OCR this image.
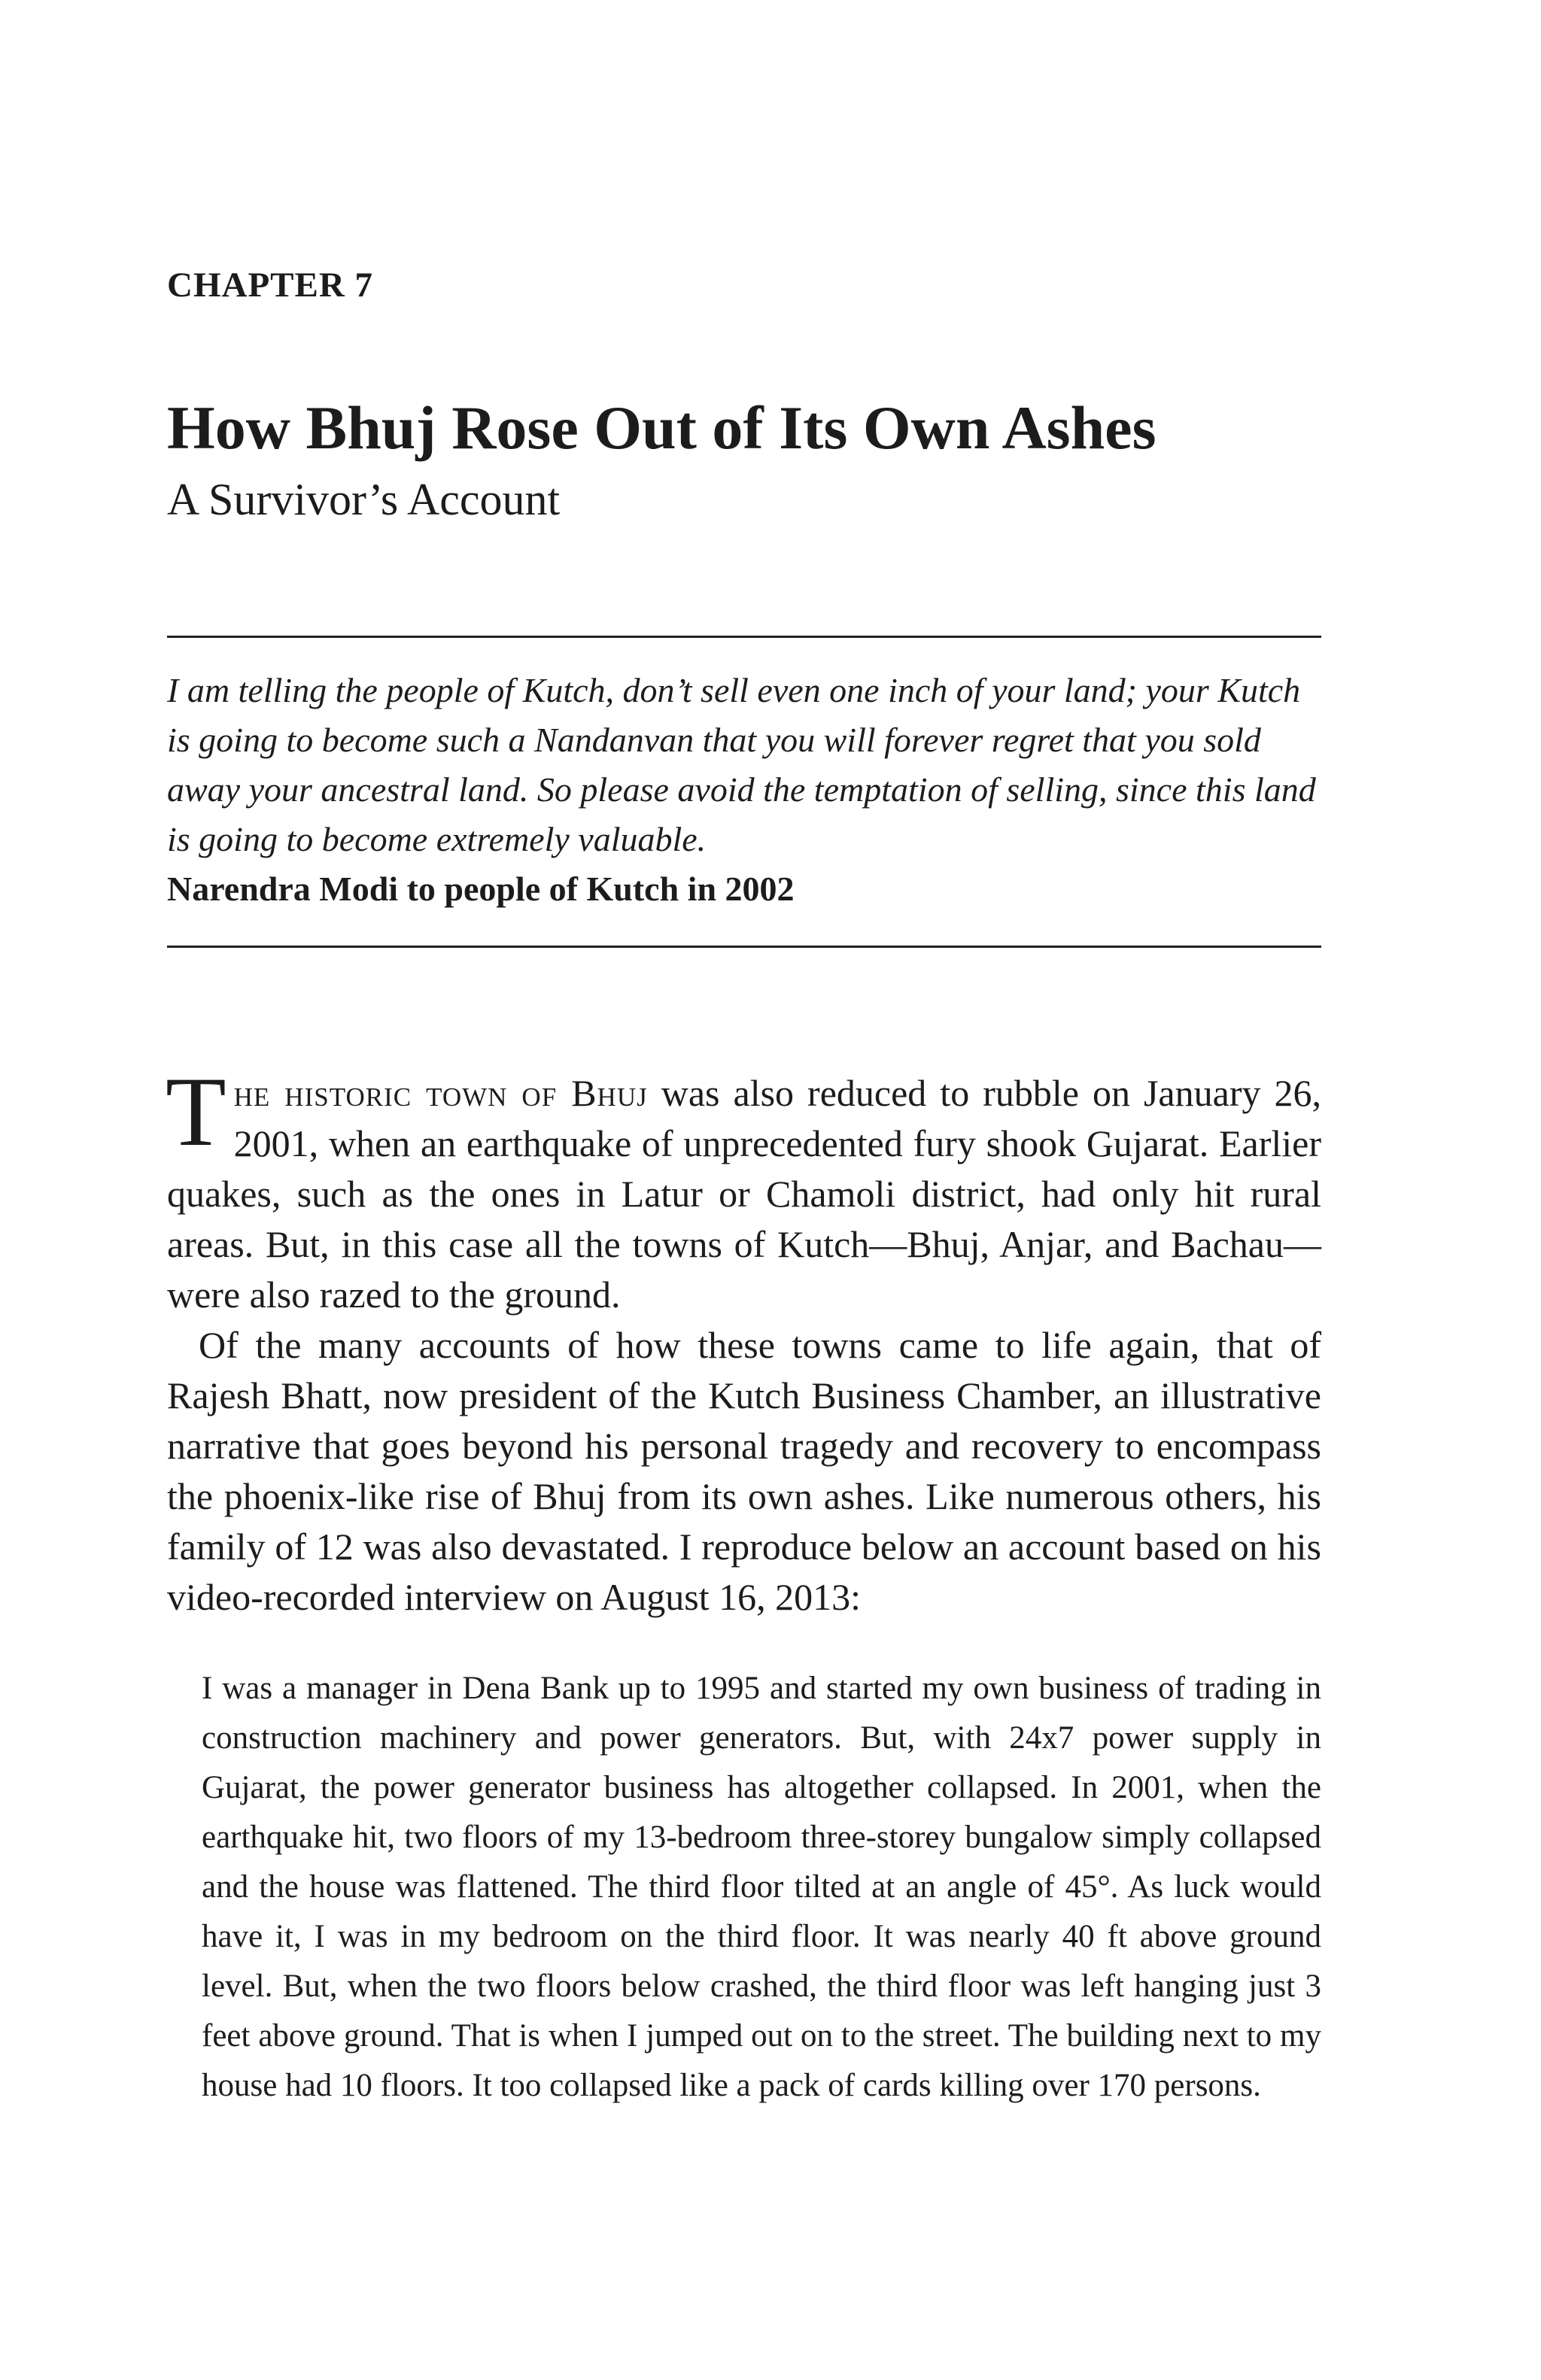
CHAPTER 7
How Bhuj Rose Out of Its Own Ashes
A Survivor’s Account

I am telling the people of Kutch, don’t sell even one inch of your land; your Kutch is going to become such a Nandanvan that you will forever regret that you sold away your ancestral land. So please avoid the temptation of selling, since this land is going to become extremely valuable.

Narendra Modi to people of Kutch in 2002

The historic town of Bhuj was also reduced to rubble on January 26, 2001, when an earthquake of unprecedented fury shook Gujarat. Earlier quakes, such as the ones in Latur or Chamoli district, had only hit rural areas. But, in this case all the towns of Kutch—Bhuj, Anjar, and Bachau—were also razed to the ground.

Of the many accounts of how these towns came to life again, that of Rajesh Bhatt, now president of the Kutch Business Chamber, an illustrative narrative that goes beyond his personal tragedy and recovery to encompass the phoenix-like rise of Bhuj from its own ashes. Like numerous others, his family of 12 was also devastated. I reproduce below an account based on his video-recorded interview on August 16, 2013:

I was a manager in Dena Bank up to 1995 and started my own business of trading in construction machinery and power generators. But, with 24x7 power supply in Gujarat, the power generator business has altogether collapsed. In 2001, when the earthquake hit, two floors of my 13-bedroom three-storey bungalow simply collapsed and the house was flattened. The third floor tilted at an angle of 45°. As luck would have it, I was in my bedroom on the third floor. It was nearly 40 ft above ground level. But, when the two floors below crashed, the third floor was left hanging just 3 feet above ground. That is when I jumped out on to the street. The building next to my house had 10 floors. It too collapsed like a pack of cards killing over 170 persons.
